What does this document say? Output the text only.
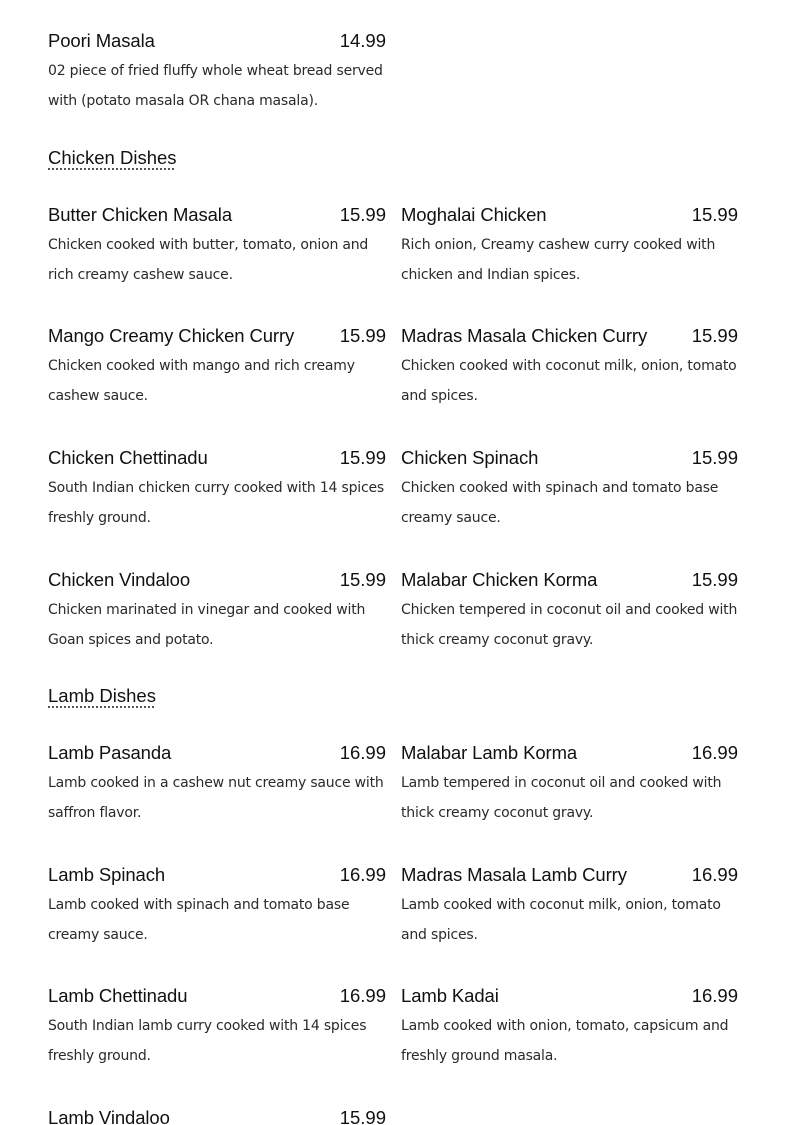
Poori Masala	14.99
02 piece of fried fluffy whole wheat bread served with (potato masala OR chana masala).
Chicken Dishes
Butter Chicken Masala	15.99
Chicken cooked with butter, tomato, onion and rich creamy cashew sauce.
Moghalai Chicken	15.99
Rich onion, Creamy cashew curry cooked with chicken and Indian spices.
Mango Creamy Chicken Curry 15.99
Chicken cooked with mango and rich creamy cashew sauce.
Madras Masala Chicken Curry 15.99
Chicken cooked with coconut milk, onion, tomato and spices.
Chicken Chettinadu	15.99
South Indian chicken curry cooked with 14 spices freshly ground.
Chicken Spinach	15.99
Chicken cooked with spinach and tomato base creamy sauce.
Chicken Vindaloo	15.99
Chicken marinated in vinegar and cooked with Goan spices and potato.
Malabar Chicken Korma	15.99
Chicken tempered in coconut oil and cooked with thick creamy coconut gravy.
Lamb Dishes
Lamb Pasanda	16.99
Lamb cooked in a cashew nut creamy sauce with saffron flavor.
Malabar Lamb Korma	16.99
Lamb tempered in coconut oil and cooked with thick creamy coconut gravy.
Lamb Spinach	16.99
Lamb cooked with spinach and tomato base creamy sauce.
Madras Masala Lamb Curry	16.99
Lamb cooked with coconut milk, onion, tomato and spices.
Lamb Chettinadu	16.99
South Indian lamb curry cooked with 14 spices freshly ground.
Lamb Kadai	16.99
Lamb cooked with onion, tomato, capsicum and freshly ground masala.
Lamb Vindaloo	15.99
